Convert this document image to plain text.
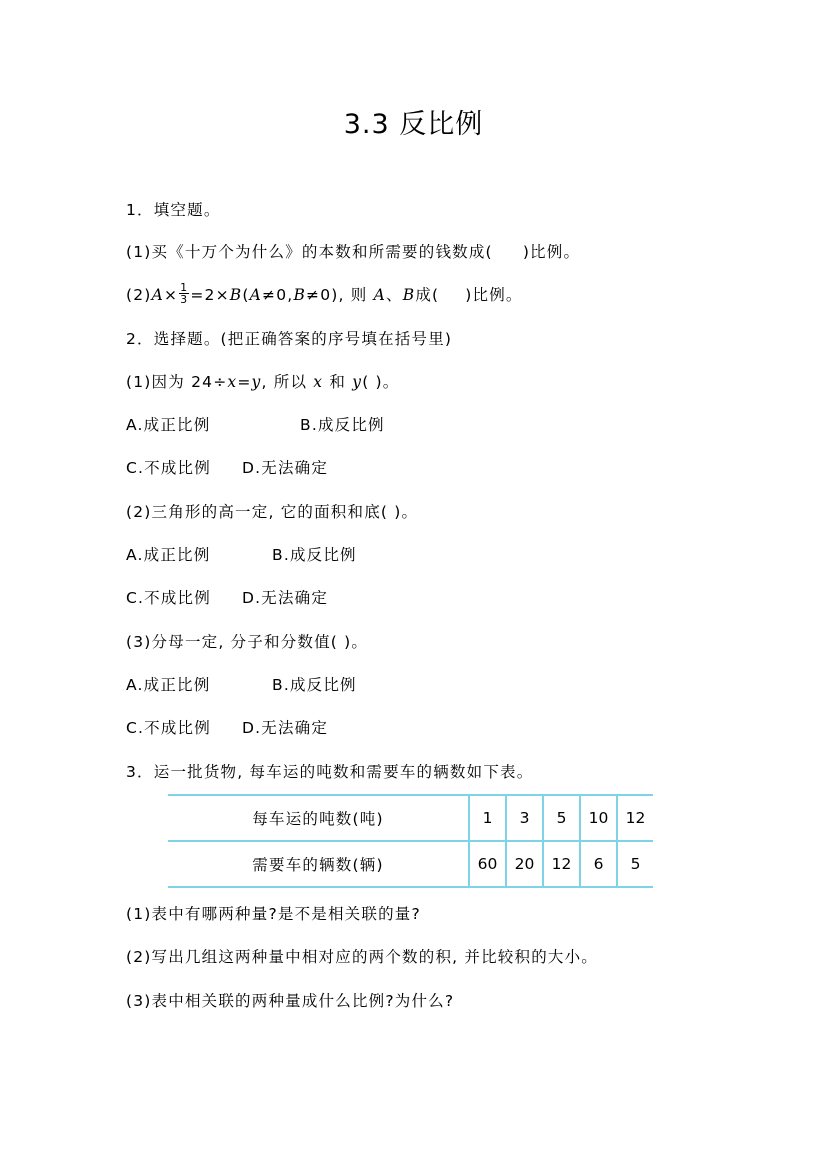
3.3 反比例
1．填空题。
(1)买《十万个为什么》的本数和所需要的钱数成( )比例。
$(2)A\times \frac{1}{3} =2\times B(A\ne 0,B\ne 0)$, 则 A、B成( )比例。
2．选择题。(把正确答案的序号填在括号里)
(1)因为 24÷x=y, 所以 x 和 y( )。
A.成正比例	B.成反比例
C.不成比例 D.无法确定
(2)三角形的高一定, 它的面积和底( )。
A.成正比例	B.成反比例
C.不成比例 D.无法确定
(3)分母一定, 分子和分数值( )。
A.成正比例	B.成反比例
C.不成比例 D.无法确定
3．运一批货物, 每车运的吨数和需要车的辆数如下表。
每车运的吨数(吨)	1	3	5	10	12
需要车的辆数(辆)	60	20	12	6	5
(1)表中有哪两种量?是不是相关联的量?
(2)写出几组这两种量中相对应的两个数的积, 并比较积的大小。
(3)表中相关联的两种量成什么比例?为什么?
